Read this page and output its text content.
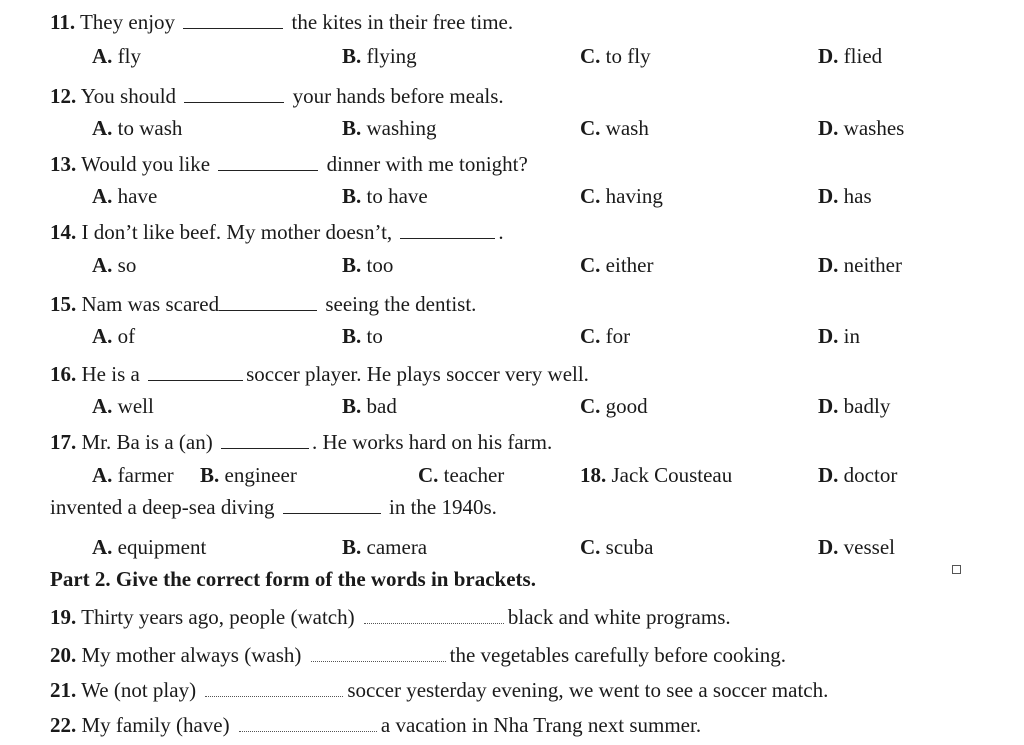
11. They enjoy	the kites in their free time.
A. fly	B. flying	C. to fly	D. flied
12. You should	your hands before meals.
A. to wash	B. washing	C. wash	D. washes
13. Would you like	dinner with me tonight?
A. have	B. to have	C. having	D. has
14. I don’t like beef. My mother doesn’t,	.
A. so	B. too	C. either	D. neither
15. Nam was scared	seeing the dentist.
A. of	B. to	C. for	D. in
16. He is a	soccer player. He plays soccer very well.
A. well	B. bad	C. good	D. badly
17. Mr. Ba is a (an)	. He works hard on his farm.
A. farmer B. engineer	C. teacher	18. Jack Cousteau	D. doctor
invented a deep-sea diving	in the 1940s.
A. equipment	B. camera	C. scuba	D. vessel
Part 2. Give the correct form of the words in brackets.
19. Thirty years ago, people (watch)	black and white programs.
20. My mother always (wash)	the vegetables carefully before cooking.
21. We (not play)	soccer yesterday evening, we went to see a soccer match.
22. My family (have)	a vacation in Nha Trang next summer.
